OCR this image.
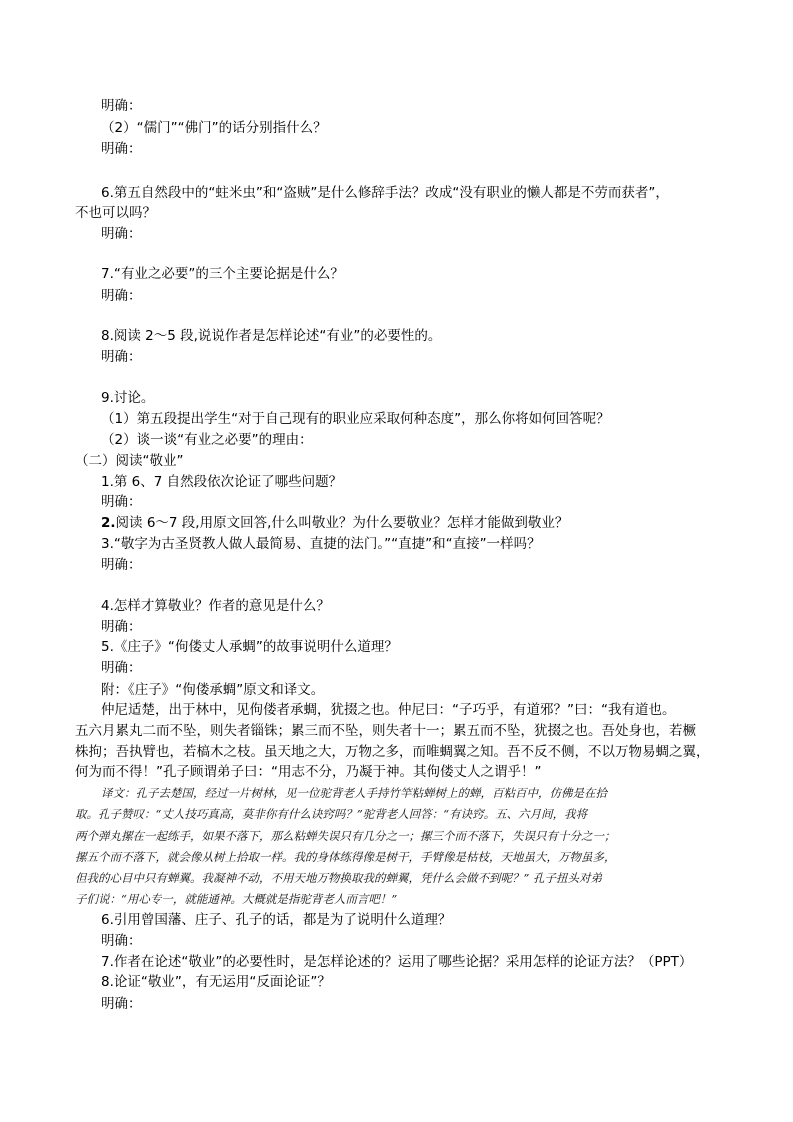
明确：
（2）“儒门”“佛门”的话分别指什么？
明确：
6.第五自然段中的“蛀米虫”和“盗贼”是什么修辞手法？改成“没有职业的懒人都是不劳而获者”，
不也可以吗？
明确：
7.“有业之必要”的三个主要论据是什么？
明确：
8.阅读 2～5 段,说说作者是怎样论述“有业”的必要性的。
明确：
9.讨论。
（1）第五段提出学生“对于自己现有的职业应采取何种态度”，那么你将如何回答呢？
（2）谈一谈“有业之必要”的理由：
（二）阅读“敬业”
1.第 6、7 自然段依次论证了哪些问题？
明确：
2.阅读 6～7 段,用原文回答,什么叫敬业？为什么要敬业？怎样才能做到敬业？
3.“敬字为古圣贤教人做人最简易、直捷的法门。”“直捷”和“直接”一样吗？
明确：
4.怎样才算敬业？作者的意见是什么？
明确：
5.《庄子》“佝偻丈人承蜩”的故事说明什么道理？
明确：
附：《庄子》“佝偻承蜩”原文和译文。
仲尼适楚，出于林中，见佝偻者承蜩，犹掇之也。仲尼曰：“子巧乎，有道邪？”曰：“我有道也。
五六月累丸二而不坠，则失者锱铢；累三而不坠，则失者十一；累五而不坠，犹掇之也。吾处身也，若橛
株拘；吾执臂也，若槁木之枝。虽天地之大，万物之多，而唯蜩翼之知。吾不反不侧，不以万物易蜩之翼，
何为而不得！”孔子顾谓弟子曰：“用志不分，乃凝于神。其佝偻丈人之谓乎！”
译文：孔子去楚国，经过一片树林，见一位驼背老人手持竹竿粘蝉树上的蝉，百粘百中，仿佛是在拾
取。孔子赞叹：“丈人技巧真高，莫非你有什么诀窍吗？”驼背老人回答：“有诀窍。五、六月间，我将
两个弹丸摞在一起练手，如果不落下，那么粘蝉失误只有几分之一；摞三个而不落下，失误只有十分之一；
摞五个而不落下，就会像从树上拾取一样。我的身体练得像是树干，手臂像是枯枝，天地虽大，万物虽多，
但我的心目中只有蝉翼。我凝神不动，不用天地万物换取我的蝉翼，凭什么会做不到呢？” 孔子扭头对弟
子们说：“用心专一，就能通神。大概就是指驼背老人而言吧！”
6.引用曾国藩、庄子、孔子的话，都是为了说明什么道理？
明确：
7.作者在论述“敬业”的必要性时，是怎样论述的？运用了哪些论据？采用怎样的论证方法？（PPT）
8.论证“敬业”，有无运用“反面论证”？
明确：
